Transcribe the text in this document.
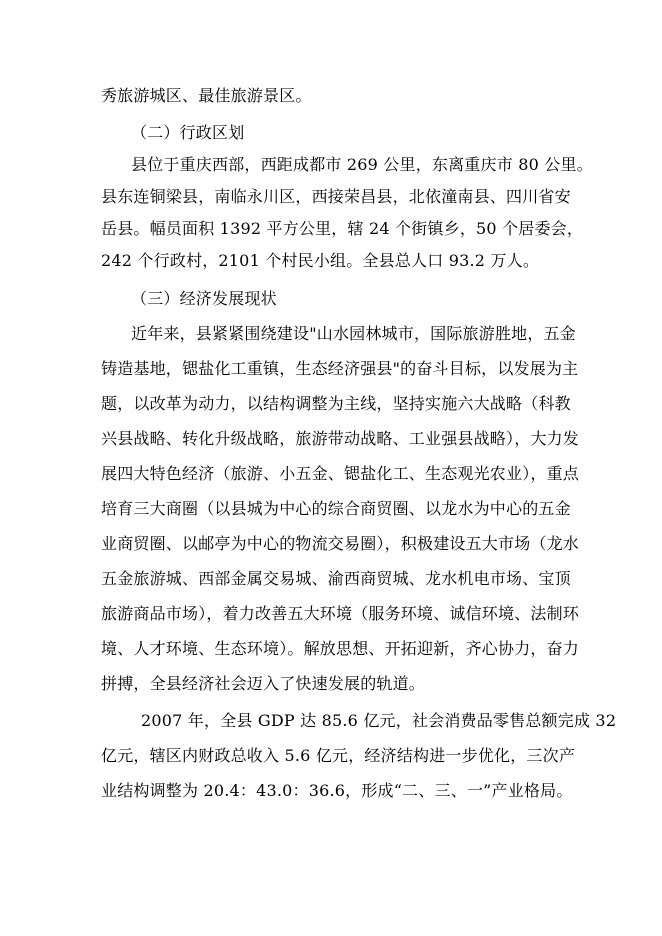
秀旅游城区、最佳旅游景区。
（二）行政区划
县位于重庆西部，西距成都市 269 公里，东离重庆市 80 公里。
县东连铜梁县，南临永川区，西接荣昌县，北依潼南县、四川省安
岳县。幅员面积 1392 平方公里，辖 24 个街镇乡，50 个居委会，
242 个行政村，2101 个村民小组。全县总人口 93.2 万人。
（三）经济发展现状
近年来，县紧紧围绕建设"山水园林城市，国际旅游胜地，五金
铸造基地，锶盐化工重镇，生态经济强县"的奋斗目标，以发展为主
题，以改革为动力，以结构调整为主线，坚持实施六大战略（科教
兴县战略、转化升级战略，旅游带动战略、工业强县战略），大力发
展四大特色经济（旅游、小五金、锶盐化工、生态观光农业），重点
培育三大商圈（以县城为中心的综合商贸圈、以龙水为中心的五金
业商贸圈、以邮亭为中心的物流交易圈），积极建设五大市场（龙水
五金旅游城、西部金属交易城、渝西商贸城、龙水机电市场、宝顶
旅游商品市场），着力改善五大环境（服务环境、诚信环境、法制环
境、人才环境、生态环境）。解放思想、开拓迎新，齐心协力，奋力
拼搏，全县经济社会迈入了快速发展的轨道。
2007 年，全县 GDP 达 85.6 亿元，社会消费品零售总额完成 32
亿元，辖区内财政总收入 5.6 亿元，经济结构进一步优化，三次产
业结构调整为 20.4：43.0：36.6，形成“二、三、一”产业格局。
